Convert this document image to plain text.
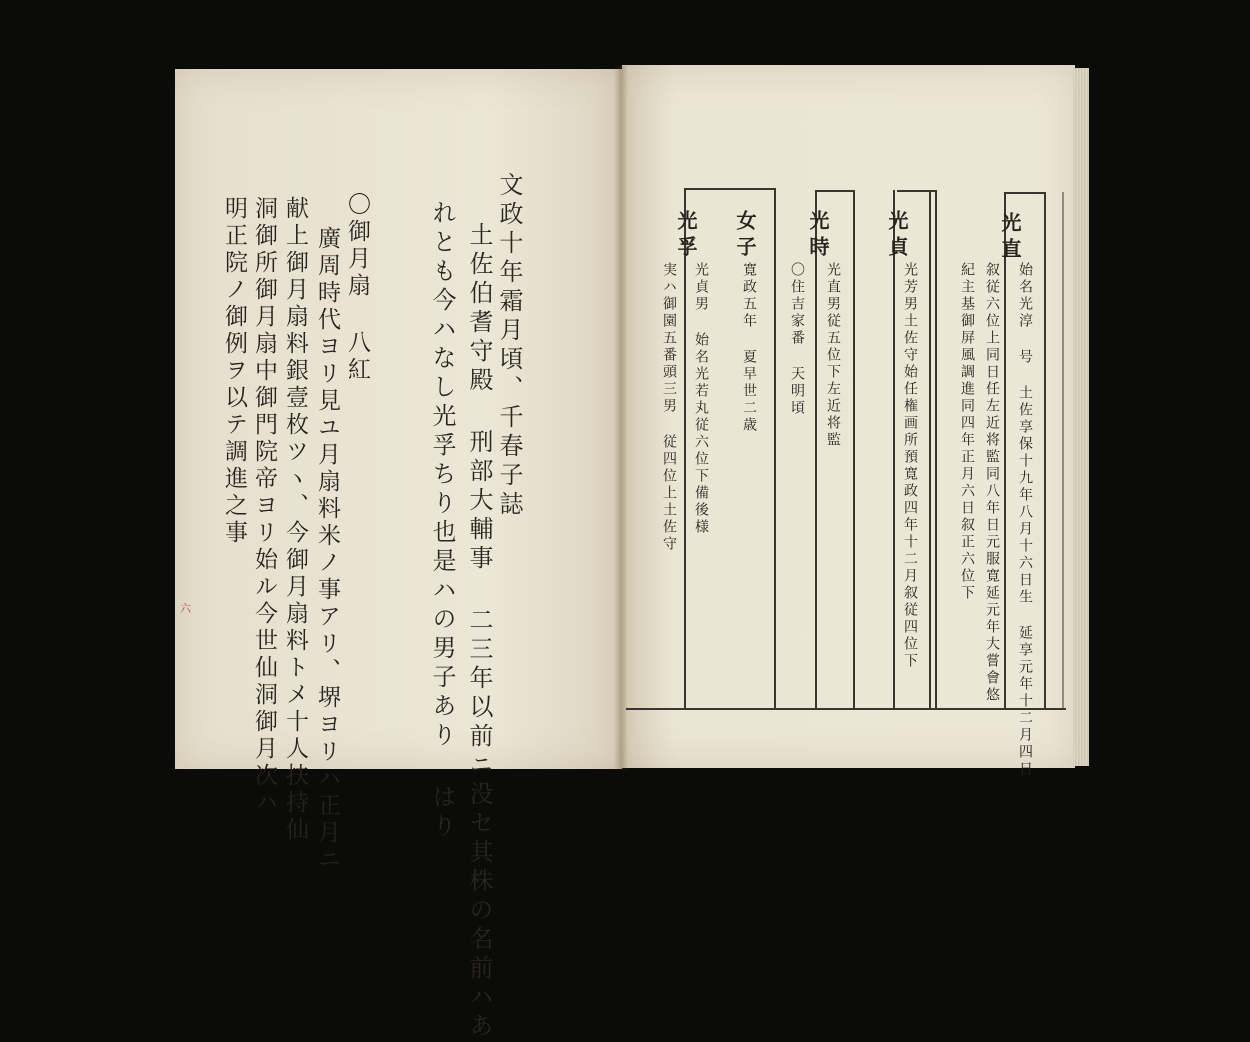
文政十年霜月頃、千春子誌
土佐伯耆守殿 刑部大輔事 二三年以前ニ没セ其株の名前ハあ
れとも今ハなし光孚ちり也是ハの男子あり はり
〇御月扇 八紅
廣周時代ヨリ見ユ月扇料米ノ事アリ、堺ヨリハ正月ニ
献上御月扇料銀壹枚ツヽ、今御月扇料トメ十人扶持仙
洞御所御月扇中御門院帝ヨリ始ル今世仙洞御月次ハ
明正院ノ御例ヲ以テ調進之事
六
光直
始名光淳 号 土佐享保十九年八月十六日生 延享元年十二月四日
叙従六位上同日任左近将監同八年日元服寛延元年大嘗會悠
紀主基御屏風調進同四年正月六日叙正六位下
光貞
光芳男土佐守始任権画所預寛政四年十二月叙従四位下
光時
光直男従五位下左近将監
〇住吉家番 天明頃
女子
寛政五年 夏早世二歳
光孚
光貞男 始名光若丸従六位下備後様
実ハ御園五番頭三男 従四位上土佐守
